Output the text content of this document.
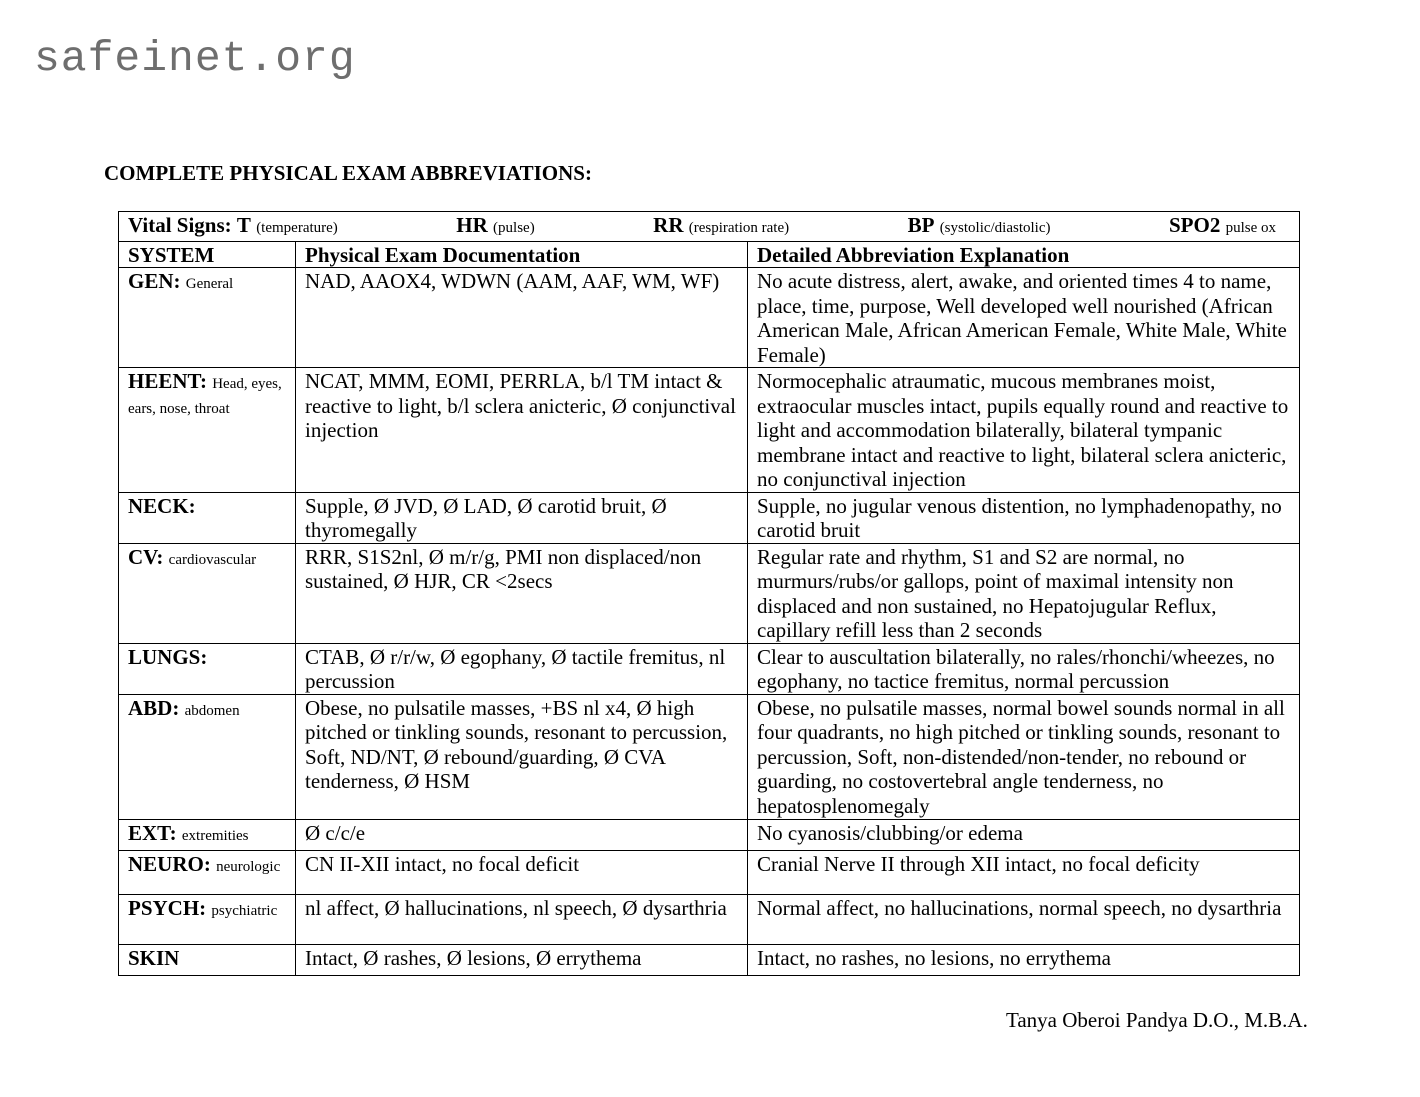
safeinet.org
COMPLETE PHYSICAL EXAM ABBREVIATIONS:
Vital Signs: T (temperature) HR (pulse) RR (respiration rate) BP (systolic/diastolic) SPO2 pulse ox		

SYSTEM	Physical Exam Documentation	Detailed Abbreviation Explanation
GEN: General	NAD, AAOX4, WDWN (AAM, AAF, WM, WF)	No acute distress, alert, awake, and oriented times 4 to name, place, time, purpose, Well developed well nourished (African American Male, African American Female, White Male, White Female)
HEENT: Head, eyes, ears, nose, throat	NCAT, MMM, EOMI, PERRLA, b/l TM intact & reactive to light, b/l sclera anicteric, Ø conjunctival injection	Normocephalic atraumatic, mucous membranes moist, extraocular muscles intact, pupils equally round and reactive to light and accommodation bilaterally, bilateral tympanic membrane intact and reactive to light, bilateral sclera anicteric, no conjunctival injection
NECK:	Supple, Ø JVD, Ø LAD, Ø carotid bruit, Ø thyromegally	Supple, no jugular venous distention, no lymphadenopathy, no carotid bruit
CV: cardiovascular	RRR, S1S2nl, Ø m/r/g, PMI non displaced/non sustained, Ø HJR, CR <2secs	Regular rate and rhythm, S1 and S2 are normal, no murmurs/rubs/or gallops, point of maximal intensity non displaced and non sustained, no Hepatojugular Reflux, capillary refill less than 2 seconds
LUNGS:	CTAB, Ø r/r/w, Ø egophany, Ø tactile fremitus, nl percussion	Clear to auscultation bilaterally, no rales/rhonchi/wheezes, no egophany, no tactice fremitus, normal percussion
ABD: abdomen	Obese, no pulsatile masses, +BS nl x4, Ø high pitched or tinkling sounds, resonant to percussion, Soft, ND/NT, Ø rebound/guarding, Ø CVA tenderness, Ø HSM	Obese, no pulsatile masses, normal bowel sounds normal in all four quadrants, no high pitched or tinkling sounds, resonant to percussion, Soft, non-distended/non-tender, no rebound or guarding, no costovertebral angle tenderness, no hepatosplenomegaly
EXT: extremities	Ø c/c/e	No cyanosis/clubbing/or edema
NEURO: neurologic	CN II-XII intact, no focal deficit	Cranial Nerve II through XII intact, no focal deficity
PSYCH: psychiatric	nl affect, Ø hallucinations, nl speech, Ø dysarthria	Normal affect, no hallucinations, normal speech, no dysarthria
SKIN	Intact, Ø rashes, Ø lesions, Ø errythema	Intact, no rashes, no lesions, no errythema
Tanya Oberoi Pandya D.O., M.B.A.
